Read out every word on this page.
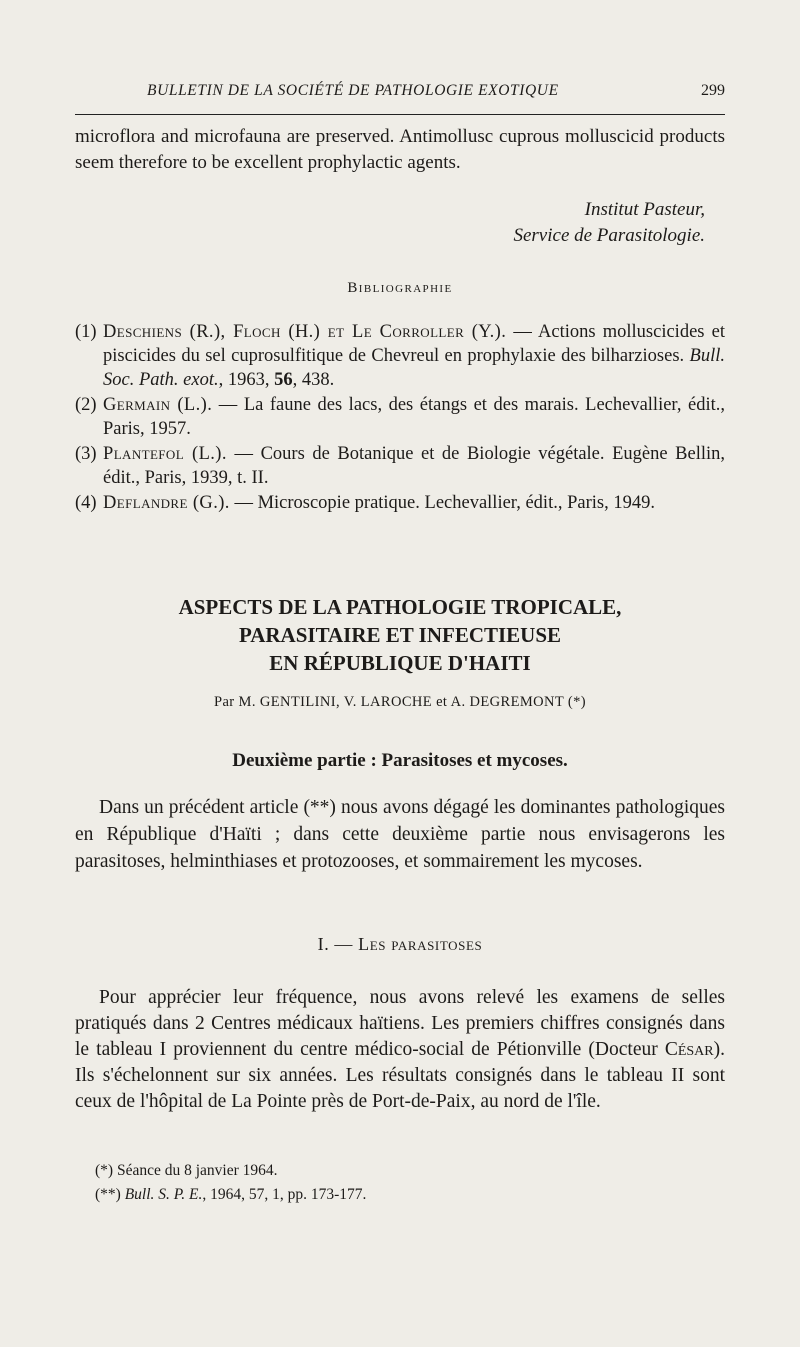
BULLETIN DE LA SOCIÉTÉ DE PATHOLOGIE EXOTIQUE	299
microflora and microfauna are preserved. Antimollusc cuprous molluscicid products seem therefore to be excellent prophylactic agents.
Institut Pasteur,
Service de Parasitologie.
Bibliographie
(1) Deschiens (R.), Floch (H.) et Le Corroller (Y.). — Actions molluscicides et piscicides du sel cuprosulfitique de Chevreul en prophylaxie des bilharzioses. Bull. Soc. Path. exot., 1963, 56, 438.
(2) Germain (L.). — La faune des lacs, des étangs et des marais. Lechevallier, édit., Paris, 1957.
(3) Plantefol (L.). — Cours de Botanique et de Biologie végétale. Eugène Bellin, édit., Paris, 1939, t. II.
(4) Deflandre (G.). — Microscopie pratique. Lechevallier, édit., Paris, 1949.
ASPECTS DE LA PATHOLOGIE TROPICALE,
PARASITAIRE ET INFECTIEUSE
EN RÉPUBLIQUE D'HAITI
Par M. GENTILINI, V. LAROCHE et A. DEGREMONT (*)
Deuxième partie : Parasitoses et mycoses.
Dans un précédent article (**) nous avons dégagé les dominantes pathologiques en République d'Haïti ; dans cette deuxième partie nous envisagerons les parasitoses, helminthiases et protozooses, et sommairement les mycoses.
I. — Les parasitoses
Pour apprécier leur fréquence, nous avons relevé les examens de selles pratiqués dans 2 Centres médicaux haïtiens. Les premiers chiffres consignés dans le tableau I proviennent du centre médico-social de Pétionville (Docteur César). Ils s'échelonnent sur six années. Les résultats consignés dans le tableau II sont ceux de l'hôpital de La Pointe près de Port-de-Paix, au nord de l'île.
(*) Séance du 8 janvier 1964.
(**) Bull. S. P. E., 1964, 57, 1, pp. 173-177.
